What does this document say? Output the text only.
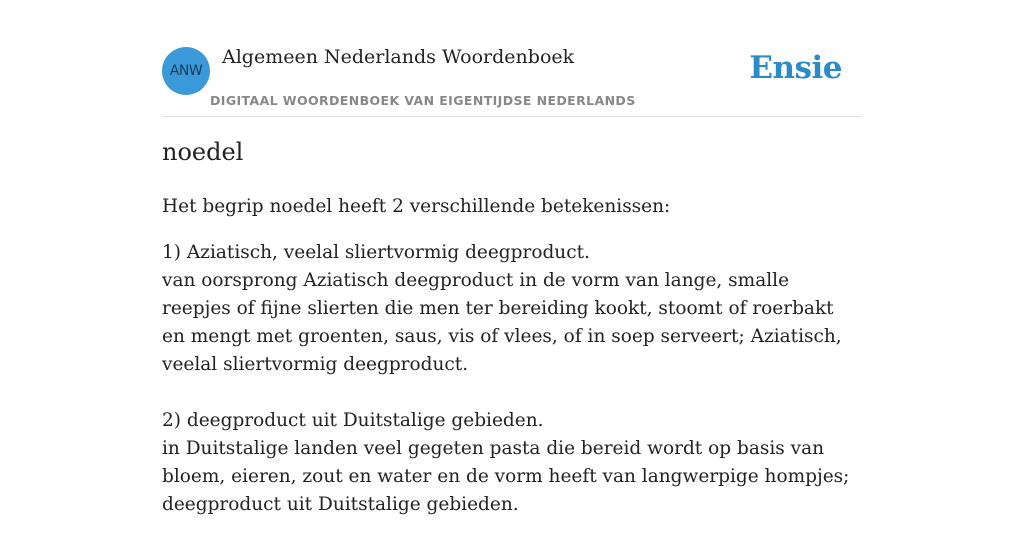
ANW
Algemeen Nederlands Woordenboek
DIGITAAL WOORDENBOEK VAN EIGENTIJDSE NEDERLANDS
Ensie
noedel
Het begrip noedel heeft 2 verschillende betekenissen:

1) Aziatisch, veelal sliertvormig deegproduct.

van oorsprong Aziatisch deegproduct in de vorm van lange, smalle reepjes of fijne slierten die men ter bereiding kookt, stoomt of roerbakt en mengt met groenten, saus, vis of vlees, of in soep serveert; Aziatisch, veelal sliertvormig deegproduct.

2) deegproduct uit Duitstalige gebieden.

in Duitstalige landen veel gegeten pasta die bereid wordt op basis van bloem, eieren, zout en water en de vorm heeft van langwerpige hompjes; deegproduct uit Duitstalige gebieden.
